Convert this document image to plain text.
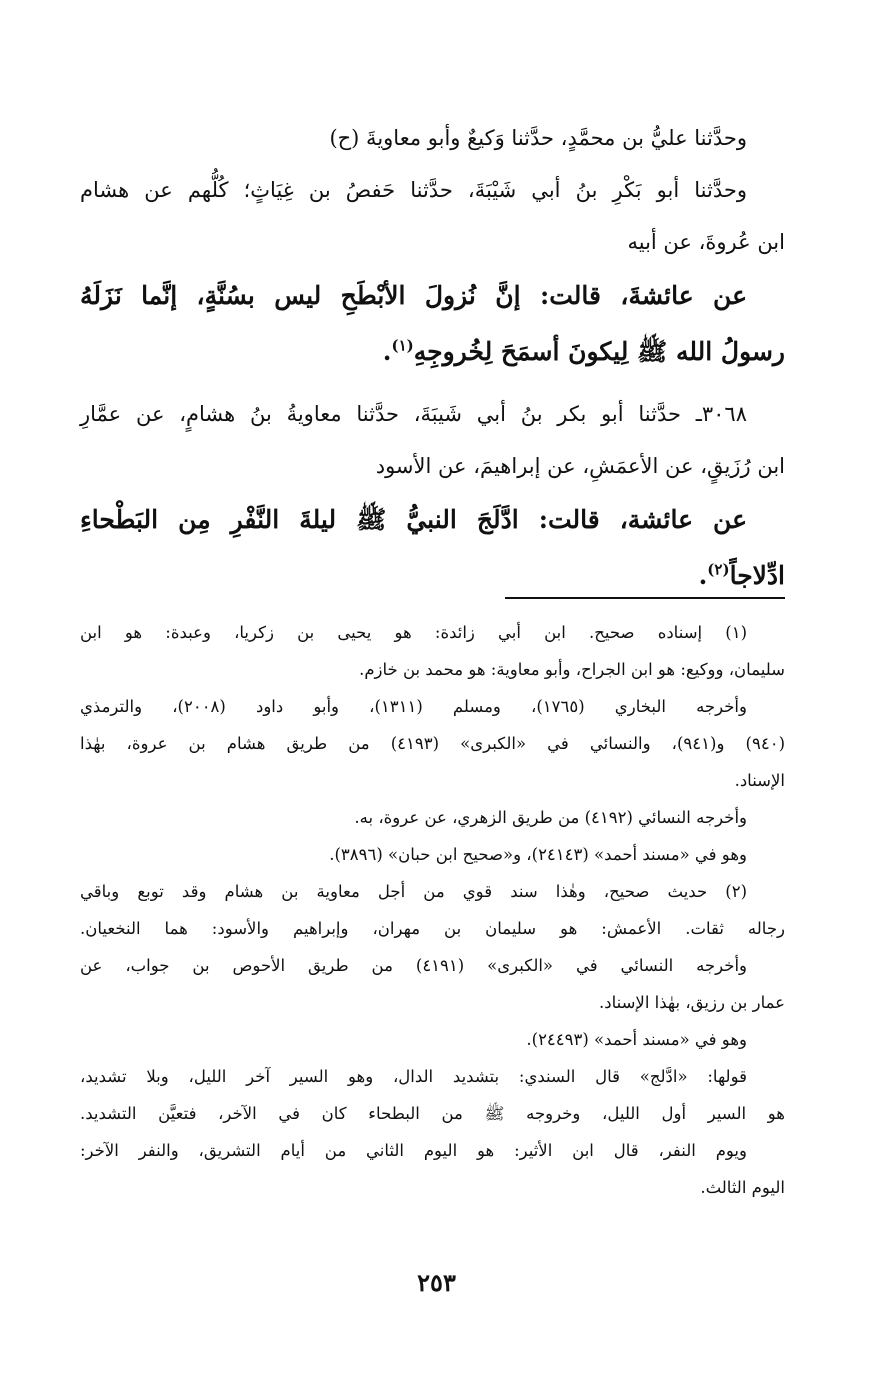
وحدَّثنا عليُّ بن محمَّدٍ، حدَّثنا وَكيعٌ وأبو معاويةَ (ح)

وحدَّثنا أبو بَكْرِ بنُ أبي شَيْبَةَ، حدَّثنا حَفصُ بن غِيَاثٍ؛ كُلُّهم عن هشام

ابن عُروةَ، عن أبيه

عن عائشةَ، قالت: إنَّ نُزولَ الأبْطَحِ ليس بسُنَّةٍ، إنَّما نَزَلَهُ

رسولُ الله ﷺ لِيكونَ أسمَحَ لِخُروجِهِ$^{(١)}$.

٣٠٦٨ـ حدَّثنا أبو بكر بنُ أبي شَيبَةَ، حدَّثنا معاويةُ بنُ هشامٍ، عن عمَّارِ

ابن رُزَيقٍ، عن الأعمَشِ، عن إبراهيمَ، عن الأسود

عن عائشة، قالت: ادَّلَجَ النبيُّ ﷺ ليلةَ النَّفْرِ مِن البَطْحاءِ

ادِّلاجاً$^{(٢)}$.

(١) إسناده صحيح. ابن أبي زائدة: هو يحيى بن زكريا، وعبدة: هو ابن

سليمان، ووكيع: هو ابن الجراح، وأبو معاوية: هو محمد بن خازم.

وأخرجه البخاري (١٧٦٥)، ومسلم (١٣١١)، وأبو داود (٢٠٠٨)، والترمذي

(٩٤٠) و(٩٤١)، والنسائي في «الكبرى» (٤١٩٣) من طريق هشام بن عروة، بهٰذا

الإسناد.

وأخرجه النسائي (٤١٩٢) من طريق الزهري، عن عروة، به.

وهو في «مسند أحمد» (٢٤١٤٣)، و«صحيح ابن حبان» (٣٨٩٦).

(٢) حديث صحيح، وهٰذا سند قوي من أجل معاوية بن هشام وقد توبع وباقي

رجاله ثقات. الأعمش: هو سليمان بن مهران، وإبراهيم والأسود: هما النخعيان.

وأخرجه النسائي في «الكبرى» (٤١٩١) من طريق الأحوص بن جواب، عن

عمار بن رزيق، بهٰذا الإسناد.

وهو في «مسند أحمد» (٢٤٤٩٣).

قولها: «ادَّلج» قال السندي: بتشديد الدال، وهو السير آخر الليل، وبلا تشديد،

هو السير أول الليل، وخروجه ﷺ من البطحاء كان في الآخر، فتعيَّن التشديد.

ويوم النفر، قال ابن الأثير: هو اليوم الثاني من أيام التشريق، والنفر الآخر:

اليوم الثالث.

٢٥٣
